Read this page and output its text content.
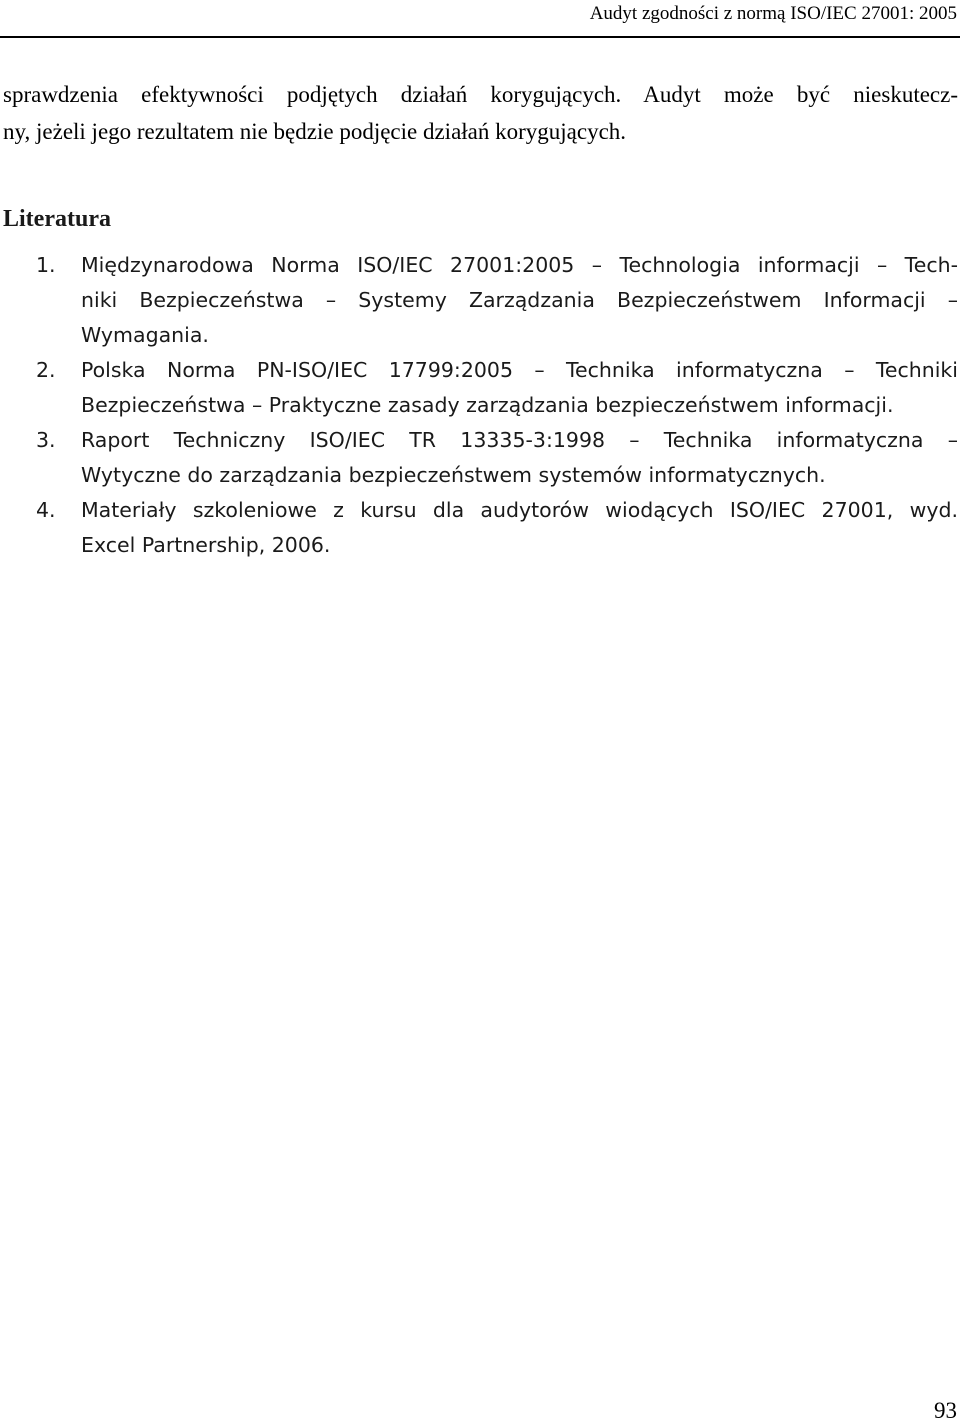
Audyt zgodności z normą ISO/IEC 27001: 2005

sprawdzenia efektywności podjętych działań korygujących. Audyt może być nieskutecz-
ny, jeżeli jego rezultatem nie będzie podjęcie działań korygujących.

Literatura
1.	Międzynarodowa Norma ISO/IEC 27001:2005 – Technologia informacji – Tech-
niki Bezpieczeństwa – Systemy Zarządzania Bezpieczeństwem Informacji –
Wymagania.
2.	Polska Norma PN-ISO/IEC 17799:2005 – Technika informatyczna – Techniki
Bezpieczeństwa – Praktyczne zasady zarządzania bezpieczeństwem informacji.
3.	Raport Techniczny ISO/IEC TR 13335-3:1998 – Technika informatyczna –
Wytyczne do zarządzania bezpieczeństwem systemów informatycznych.
4.	Materiały szkoleniowe z kursu dla audytorów wiodących ISO/IEC 27001, wyd.
Excel Partnership, 2006.
93
